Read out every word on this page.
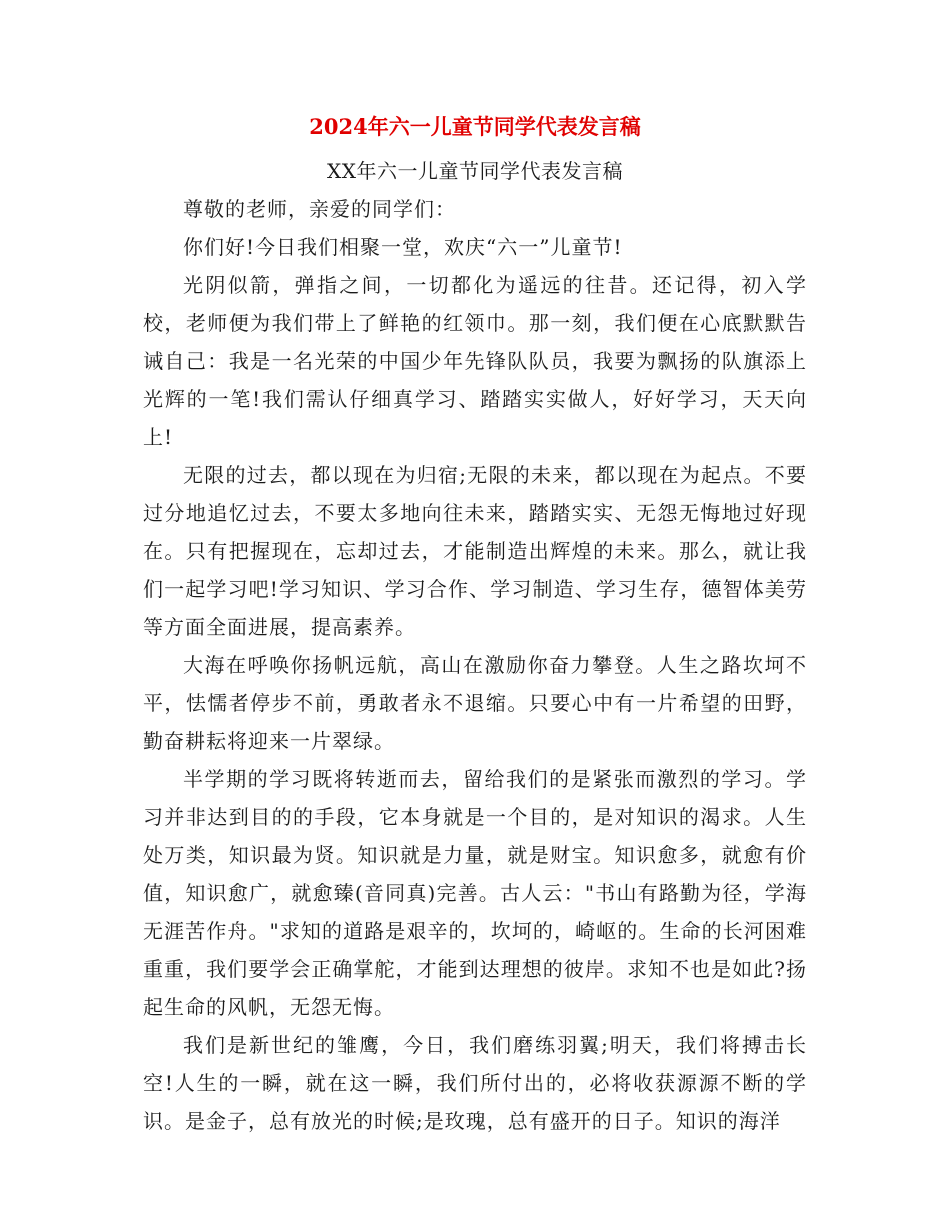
2024年六一儿童节同学代表发言稿

XX年六一儿童节同学代表发言稿

尊敬的老师，亲爱的同学们：

你们好!今日我们相聚一堂，欢庆“六一”儿童节!

光阴似箭，弹指之间，一切都化为遥远的往昔。还记得，初入学校，老师便为我们带上了鲜艳的红领巾。那一刻，我们便在心底默默告诫自己：我是一名光荣的中国少年先锋队队员，我要为飘扬的队旗添上光辉的一笔!我们需认仔细真学习、踏踏实实做人，好好学习，天天向上!

无限的过去，都以现在为归宿;无限的未来，都以现在为起点。不要过分地追忆过去，不要太多地向往未来，踏踏实实、无怨无悔地过好现在。只有把握现在，忘却过去，才能制造出辉煌的未来。那么，就让我们一起学习吧!学习知识、学习合作、学习制造、学习生存，德智体美劳等方面全面进展，提高素养。

大海在呼唤你扬帆远航，高山在激励你奋力攀登。人生之路坎坷不平，怯懦者停步不前，勇敢者永不退缩。只要心中有一片希望的田野，勤奋耕耘将迎来一片翠绿。

半学期的学习既将转逝而去，留给我们的是紧张而激烈的学习。学习并非达到目的的手段，它本身就是一个目的，是对知识的渴求。人生处万类，知识最为贤。知识就是力量，就是财宝。知识愈多，就愈有价值，知识愈广，就愈臻(音同真)完善。古人云："书山有路勤为径，学海无涯苦作舟。"求知的道路是艰辛的，坎坷的，崎岖的。生命的长河困难重重，我们要学会正确掌舵，才能到达理想的彼岸。求知不也是如此?扬起生命的风帆，无怨无悔。

我们是新世纪的雏鹰，今日，我们磨练羽翼;明天，我们将搏击长空!人生的一瞬，就在这一瞬，我们所付出的，必将收获源源不断的学识。是金子，总有放光的时候;是玫瑰，总有盛开的日子。知识的海洋
